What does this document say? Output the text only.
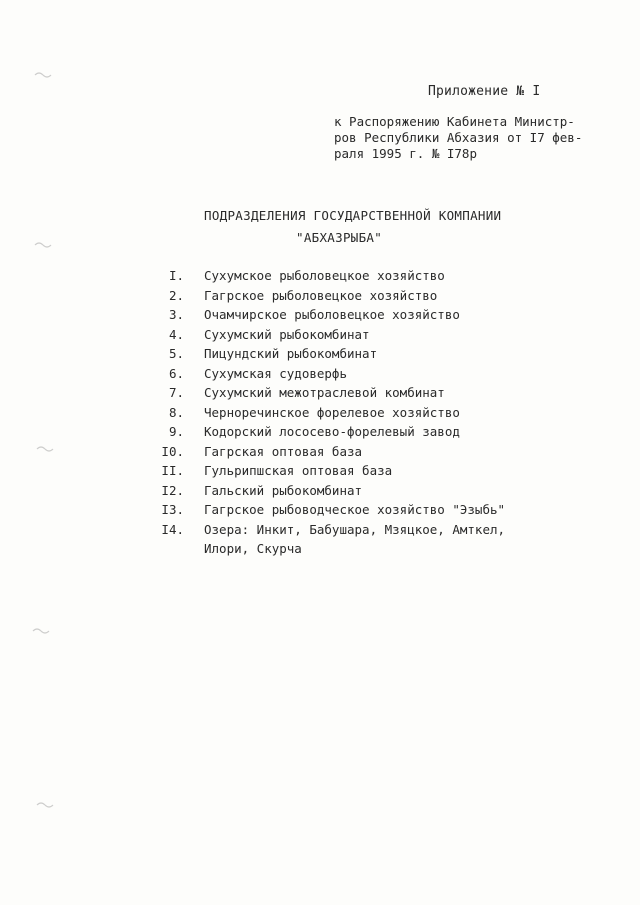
Приложение № I
к Распоряжению Кабинета Министр-
ров Республики Абхазия от I7 фев-
раля 1995 г. № I78р
ПОДРАЗДЕЛЕНИЯ ГОСУДАРСТВЕННОЙ КОМПАНИИ
"АБХАЗРЫБА"
I. Сухумское рыболовецкое хозяйство
2. Гагрское рыболовецкое хозяйство
3. Очамчирское рыболовецкое хозяйство
4. Сухумский рыбокомбинат
5. Пицундский рыбокомбинат
6. Сухумская судоверфь
7. Сухумский межотраслевой комбинат
8. Черноречинское форелевое хозяйство
9. Кодорский лососево-форелевый завод
I0. Гагрская оптовая база
II. Гульрипшская оптовая база
I2. Гальский рыбокомбинат
I3. Гагрское рыбоводческое хозяйство "Эзыбь"
I4. Озера: Инкит, Бабушара, Мзяцкое, Амткел,
Илори, Скурча
